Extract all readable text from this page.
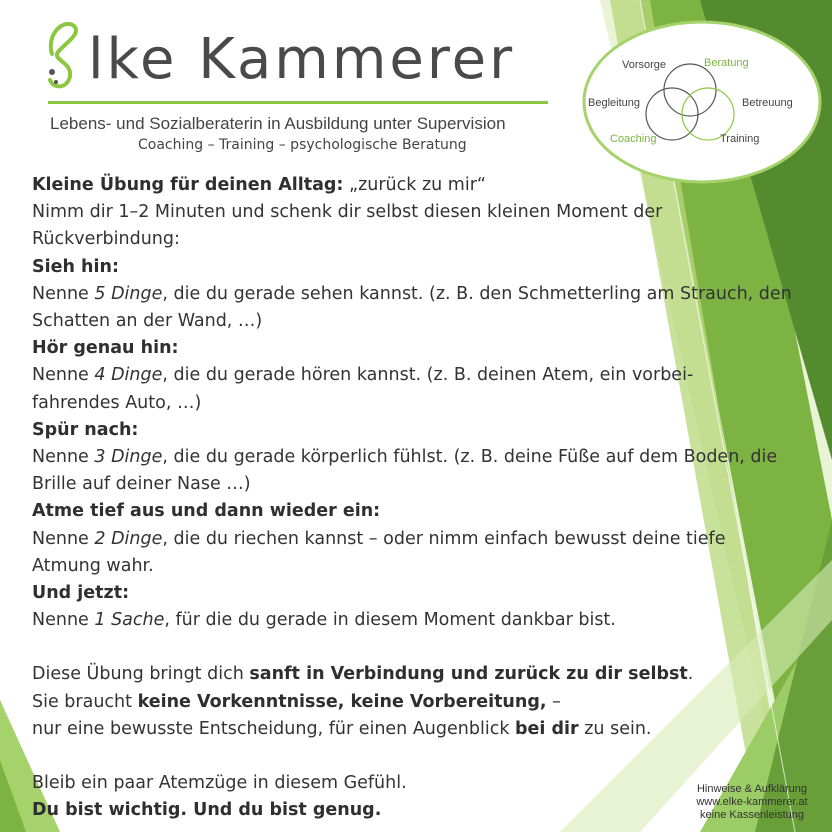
lke Kammerer
Lebens- und Sozialberaterin in Ausbildung unter Supervision
Coaching – Training – psychologische Beratung
Vorsorge	Beratung
Begleitung	Betreuung
Coaching	Training

Kleine Übung für deinen Alltag: „zurück zu mir“

Nimm dir 1–2 Minuten und schenk dir selbst diesen kleinen Moment der Rückverbindung:

Sieh hin:

Nenne 5 Dinge, die du gerade sehen kannst. (z. B. den Schmetterling am Strauch, den Schatten an der Wand, …)

Hör genau hin:

Nenne 4 Dinge, die du gerade hören kannst. (z. B. deinen Atem, ein vorbei-fahrendes Auto, …)

Spür nach:

Nenne 3 Dinge, die du gerade körperlich fühlst. (z. B. deine Füße auf dem Boden, die Brille auf deiner Nase …)

Atme tief aus und dann wieder ein:

Nenne 2 Dinge, die du riechen kannst – oder nimm einfach bewusst deine tiefe Atmung wahr.

Und jetzt:

Nenne 1 Sache, für die du gerade in diesem Moment dankbar bist.

Diese Übung bringt dich sanft in Verbindung und zurück zu dir selbst.

Sie braucht keine Vorkenntnisse, keine Vorbereitung, –

nur eine bewusste Entscheidung, für einen Augenblick bei dir zu sein.

Bleib ein paar Atemzüge in diesem Gefühl.

Du bist wichtig. Und du bist genug.

Hinweise & Aufklärung
www.elke-kammerer.at
keine Kassenleistung
